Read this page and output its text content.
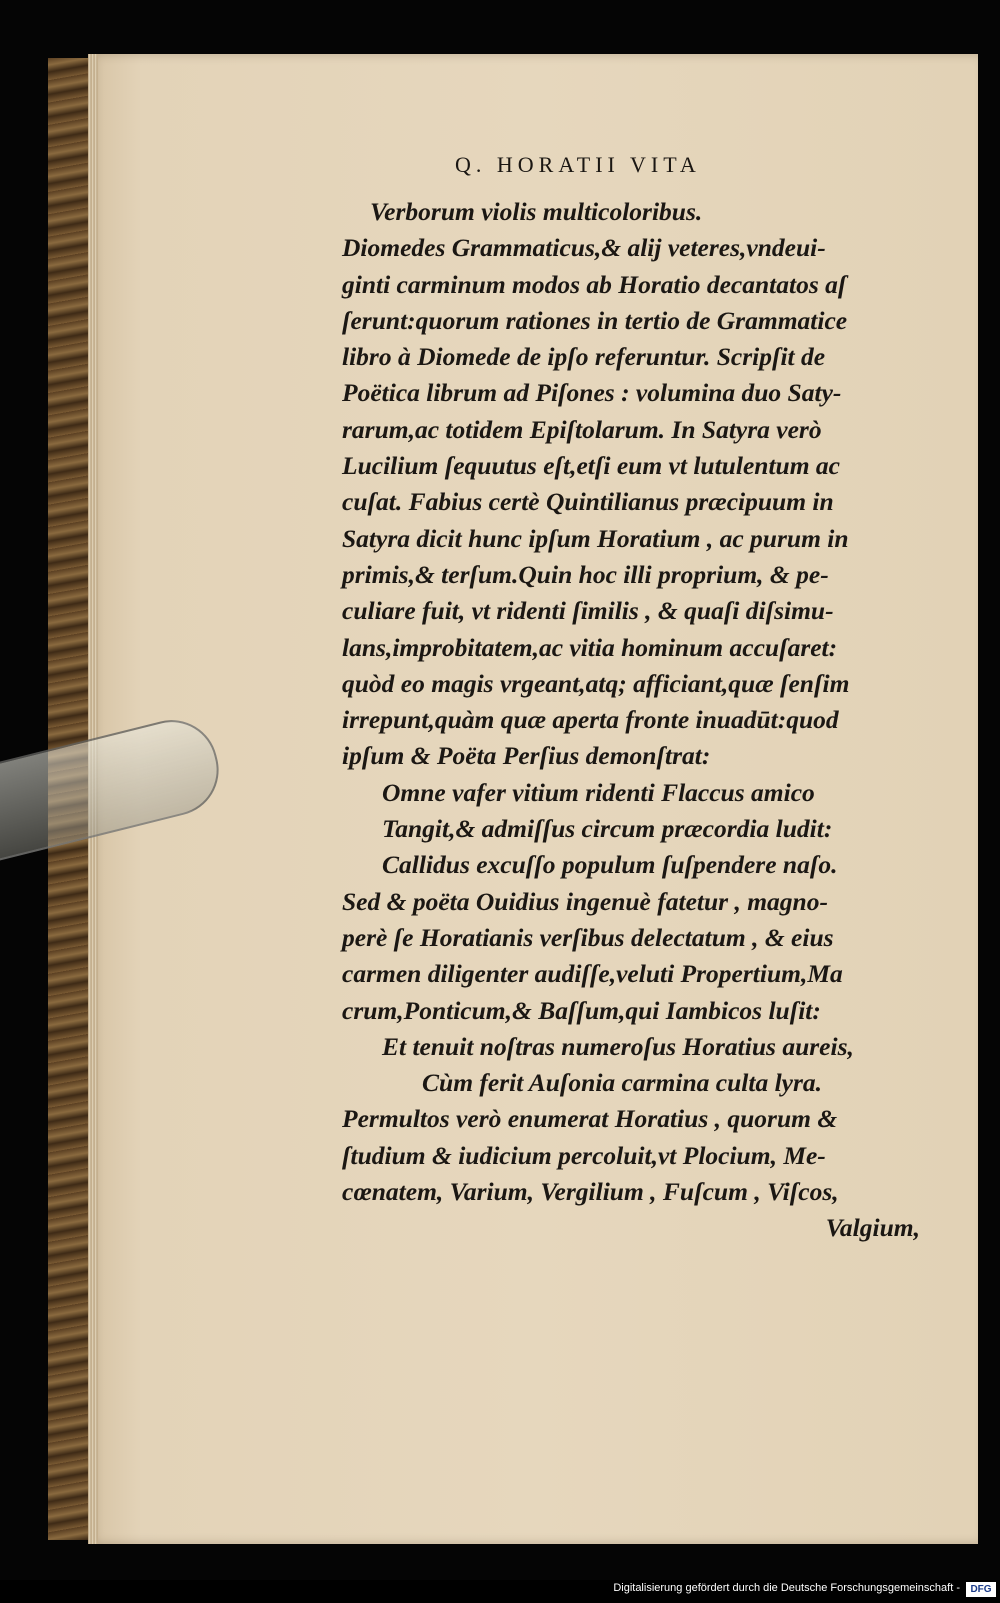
Q. HORATII VITA
Verborum violis multicoloribus.
Diomedes Grammaticus,& alij veteres,vndeui-
ginti carminum modos ab Horatio decantatos aſ
ſerunt:quorum rationes in tertio de Grammatice
libro à Diomede de ipſo referuntur. Scripſit de
Poëtica librum ad Piſones : volumina duo Saty-
rarum,ac totidem Epiſtolarum. In Satyra verò
Lucilium ſequutus eſt,etſi eum vt lutulentum ac
cuſat. Fabius certè Quintilianus præcipuum in
Satyra dicit hunc ipſum Horatium , ac purum in
primis,& terſum.Quin hoc illi proprium, & pe-
culiare fuit, vt ridenti ſimilis , & quaſi diſsimu-
lans,improbitatem,ac vitia hominum accuſaret:
quòd eo magis vrgeant,atq; afficiant,quæ ſenſim
irrepunt,quàm quæ aperta fronte inuadūt:quod
ipſum & Poëta Perſius demonſtrat:
Omne vafer vitium ridenti Flaccus amico
Tangit,& admiſſus circum præcordia ludit:
Callidus excuſſo populum ſuſpendere naſo.
Sed & poëta Ouidius ingenuè fatetur , magno-
perè ſe Horatianis verſibus delectatum , & eius
carmen diligenter audiſſe,veluti Propertium,Ma
crum,Ponticum,& Baſſum,qui Iambicos luſit:
Et tenuit noſtras numeroſus Horatius aureis,
Cùm ferit Auſonia carmina culta lyra.
Permultos verò enumerat Horatius , quorum &
ſtudium & iudicium percoluit,vt Plocium, Me-
cœnatem, Varium, Vergilium , Fuſcum , Viſcos,
Valgium,
Digitalisierung gefördert durch die Deutsche Forschungsgemeinschaft -	DFG
